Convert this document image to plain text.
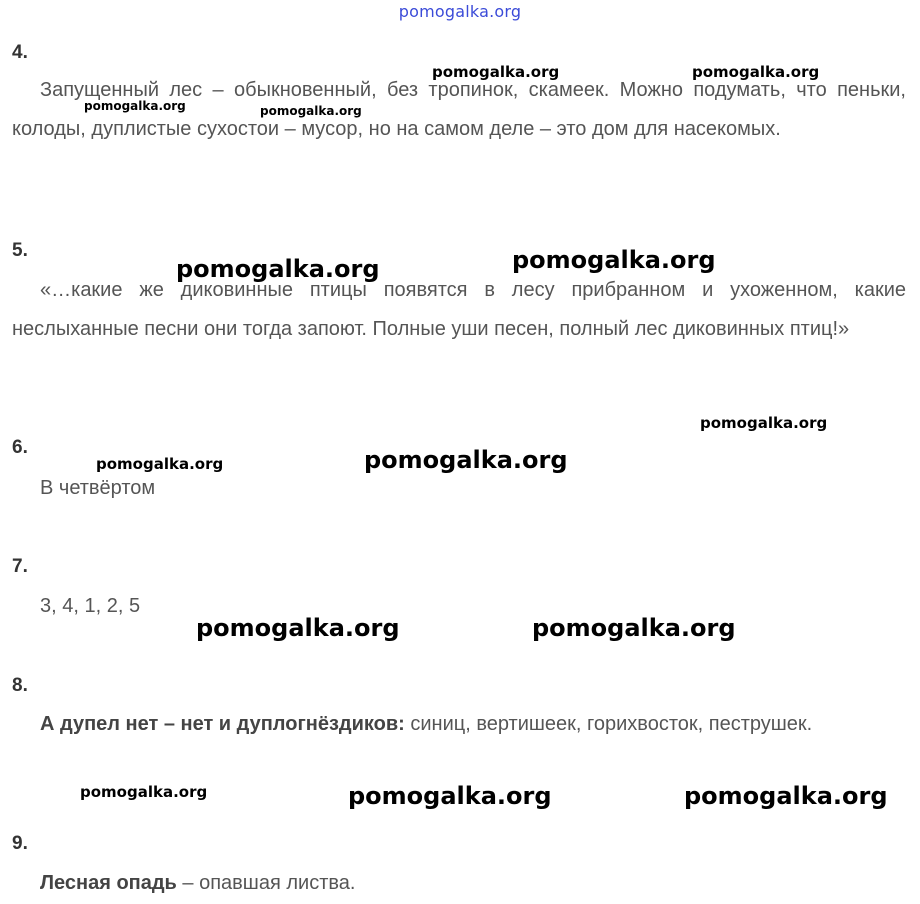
pomogalka.org
4.
Запущенный лес – обыкновенный, без тропинок, скамеек. Можно подумать, что пеньки, колоды, дуплистые сухостои – мусор, но на самом деле – это дом для насекомых.
5.
«…какие же диковинные птицы появятся в лесу прибранном и ухоженном, какие неслыханные песни они тогда запоют. Полные уши песен, полный лес диковинных птиц!»
6.
В четвёртом
7.
3, 4, 1, 2, 5
8.
А дупел нет – нет и дуплогнёздиков: синиц, вертишеек, горихвосток, пеструшек.
9.
Лесная опадь – опавшая листва.
pomogalka.org	pomogalka.org
pomogalka.org	pomogalka.org
pomogalka.org	pomogalka.org
pomogalka.org
pomogalka.org	pomogalka.org
pomogalka.org	pomogalka.org
pomogalka.org	pomogalka.org	pomogalka.org
